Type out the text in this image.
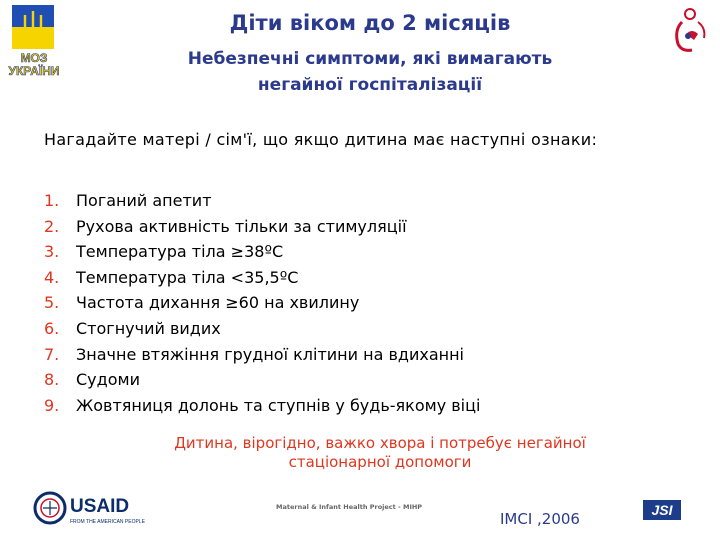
МОЗ
УКРАЇНИ
Діти віком до 2 місяців
Небезпечні симптоми, які вимагають
негайної госпіталізації
Нагадайте матері / сім'ї, що якщо дитина має наступні ознаки:
1. Поганий апетит
2. Рухова активність тільки за стимуляції
3. Температура тіла ≥38ºС
4. Температура тіла <35,5ºС
5. Частота дихання ≥60 на хвилину
6. Стогнучий видих
7. Значне втяжіння грудної клітини на вдиханні
8. Судоми
9. Жовтяниця долонь та ступнів у будь-якому віці
Дитина, вірогідно, важко хвора і потребує негайної
стаціонарної допомоги
USAID
FROM THE AMERICAN PEOPLE
Maternal & Infant Health Project - MIHP
IMCI ,2006	JSI
